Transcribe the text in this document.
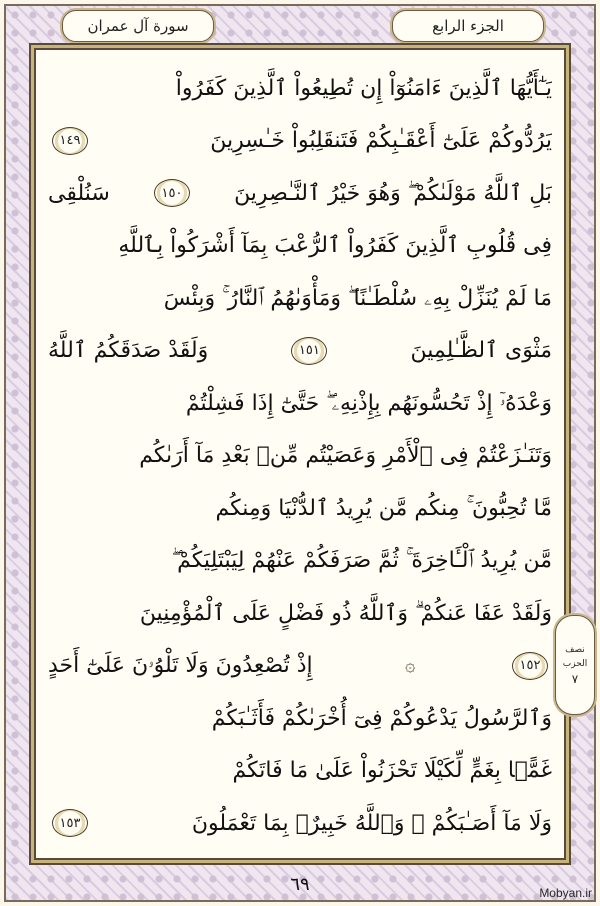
الجزء الرابع
سورة آل عمران
يَـٰٓأَيُّهَا ٱلَّذِينَ ءَامَنُوٓاْ إِن تُطِيعُواْ ٱلَّذِينَ كَفَرُواْ
يَرُدُّوكُمْ عَلَىٰٓ أَعْقَـٰبِكُمْ فَتَنقَلِبُواْ خَـٰسِرِينَ
١٤٩
بَلِ ٱللَّهُ مَوْلَىٰكُمْ ۖ وَهُوَ خَيْرُ ٱلنَّـٰصِرِينَ
١٥٠
سَنُلْقِى
فِى قُلُوبِ ٱلَّذِينَ كَفَرُواْ ٱلرُّعْبَ بِمَآ أَشْرَكُواْ بِٱللَّهِ
مَا لَمْ يُنَزِّلْ بِهِۦ سُلْطَـٰنًا ۖ وَمَأْوَىٰهُمُ ٱلنَّارُ ۚ وَبِئْسَ
مَثْوَى ٱلظَّـٰلِمِينَ
١٥١
وَلَقَدْ صَدَقَكُمُ ٱللَّهُ
وَعْدَهُۥٓ إِذْ تَحُسُّونَهُم بِإِذْنِهِۦ ۖ حَتَّىٰٓ إِذَا فَشِلْتُمْ
وَتَنَـٰزَعْتُمْ فِى ٱلْأَمْرِ وَعَصَيْتُم مِّنۢ بَعْدِ مَآ أَرَىٰكُم
مَّا تُحِبُّونَ ۚ مِنكُم مَّن يُرِيدُ ٱلدُّنْيَا وَمِنكُم
مَّن يُرِيدُ ٱلْـَٔاخِرَةَ ۚ ثُمَّ صَرَفَكُمْ عَنْهُمْ لِيَبْتَلِيَكُمْ ۖ
وَلَقَدْ عَفَا عَنكُمْ ۗ وَٱللَّهُ ذُو فَضْلٍ عَلَى ٱلْمُؤْمِنِينَ
١٥٢
۞
إِذْ تُصْعِدُونَ وَلَا تَلْوُۥنَ عَلَىٰٓ أَحَدٍ
وَٱلرَّسُولُ يَدْعُوكُمْ فِىٓ أُخْرَىٰكُمْ فَأَثَـٰبَكُمْ
غَمًّۢا بِغَمٍّ لِّكَيْلَا تَحْزَنُواْ عَلَىٰ مَا فَاتَكُمْ
وَلَا مَآ أَصَـٰبَكُمْ ۗ وَٱللَّهُ خَبِيرٌۢ بِمَا تَعْمَلُونَ
١٥٣
نصف
الحزب
٧
٦٩	Mobyan.ir
